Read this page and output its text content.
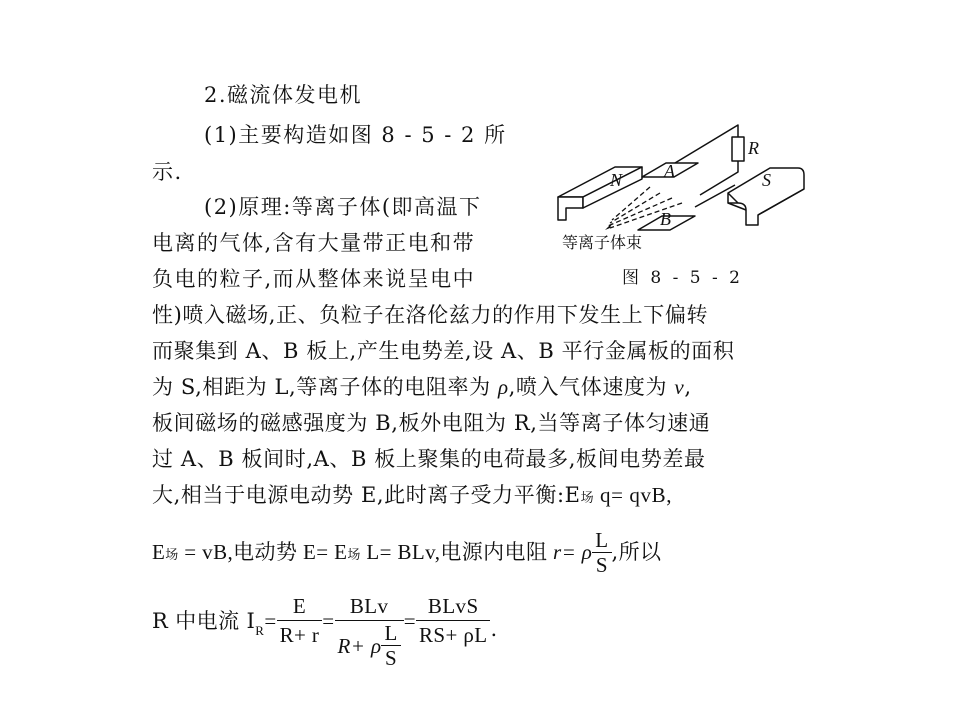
2.磁流体发电机
(1)主要构造如图 8 - 5 - 2 所
示.
(2)原理:等离子体(即高温下
电离的气体,含有大量带正电和带
负电的粒子,而从整体来说呈电中
性)喷入磁场,正、负粒子在洛伦兹力的作用下发生上下偏转
而聚集到 A、B 板上,产生电势差,设 A、B 平行金属板的面积
为 S,相距为 L,等离子体的电阻率为 ρ,喷入气体速度为 v,
板间磁场的磁感强度为 B,板外电阻为 R,当等离子体匀速通
过 A、B 板间时,A、B 板上聚集的电荷最多,板间电势差最
大,相当于电源电动势 E,此时离子受力平衡:E场 q= qvB,
E 场 = vB,电动势 E= E 场 L= BLv,电源内电阻 r= ρ $\frac{L}{S}$ ,所以
R 中电流 I $R = \frac{E}{R+ r} = \frac{\text{BLv}}{R+ \rho \frac{L}{S}} = \frac{\text{BLvS}}{RS+ \rho L}$ .
N A
B
R
S
等离子体束
图 8 - 5 - 2
